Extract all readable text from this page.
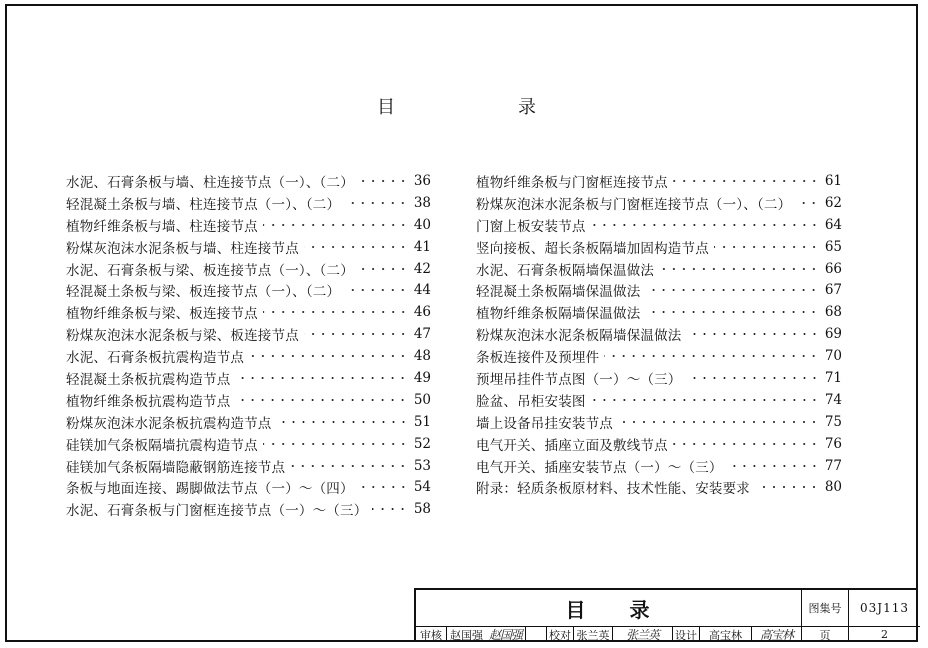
目	录
水泥、石膏条板与墙、柱连接节点（一）、（二）	36
轻混凝土条板与墙、柱连接节点（一）、（二）	38
植物纤维条板与墙、柱连接节点	40
粉煤灰泡沫水泥条板与墙、柱连接节点	41
水泥、石膏条板与梁、板连接节点（一）、（二）	42
轻混凝土条板与梁、板连接节点（一）、（二）	44
植物纤维条板与梁、板连接节点	46
粉煤灰泡沫水泥条板与梁、板连接节点	47
水泥、石膏条板抗震构造节点	48
轻混凝土条板抗震构造节点	49
植物纤维条板抗震构造节点	50
粉煤灰泡沫水泥条板抗震构造节点	51
硅镁加气条板隔墙抗震构造节点	52
硅镁加气条板隔墙隐蔽钢筋连接节点	53
条板与地面连接、踢脚做法节点（一）～（四）	54
水泥、石膏条板与门窗框连接节点（一）～（三）	58
植物纤维条板与门窗框连接节点	61
粉煤灰泡沫水泥条板与门窗框连接节点（一）、（二） 62
门窗上板安装节点	64
竖向接板、超长条板隔墙加固构造节点	65
水泥、石膏条板隔墙保温做法	66
轻混凝土条板隔墙保温做法	67
植物纤维条板隔墙保温做法	68
粉煤灰泡沫水泥条板隔墙保温做法	69
条板连接件及预埋件	70
预埋吊挂件节点图（一）～（三）	71
脸盆、吊柜安装图	74
墙上设备吊挂安装节点	75
电气开关、插座立面及敷线节点	76
电气开关、插座安装节点（一）～（三）	77
附录：轻质条板原材料、技术性能、安装要求	80
目 录	图集号	03J113
审核 赵国强 赵国强 校对 张兰英	张兰英	设计	高宝林	高宝林	页	2
